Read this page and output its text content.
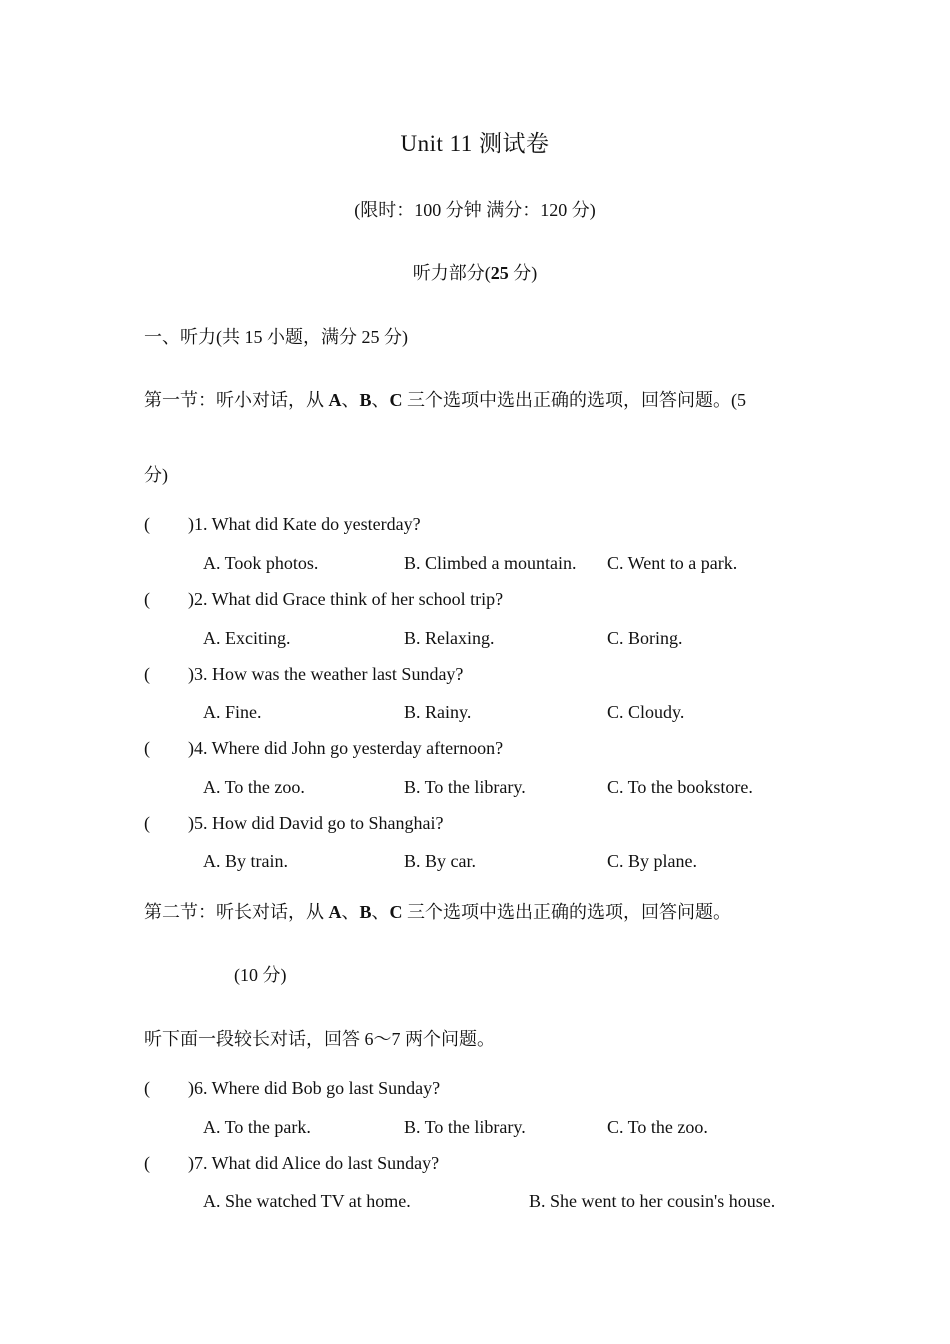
Unit 11 测试卷
(限时：100 分钟 满分：120 分)
听力部分(25 分)
一、听力(共 15 小题，满分 25 分)
第一节：听小对话，从 A、B、C 三个选项中选出正确的选项，回答问题。(5
分)
( )1. What did Kate do yesterday?
A. Took photos.	B. Climbed a mountain. C. Went to a park.
( )2. What did Grace think of her school trip?
A. Exciting.	B. Relaxing.	C. Boring.
( )3. How was the weather last Sunday?
A. Fine.	B. Rainy.	C. Cloudy.
( )4. Where did John go yesterday afternoon?
A. To the zoo.	B. To the library.	C. To the bookstore.
( )5. How did David go to Shanghai?
A. By train.	B. By car.	C. By plane.
第二节：听长对话，从 A、B、C 三个选项中选出正确的选项，回答问题。
(10 分)
听下面一段较长对话，回答 6～7 两个问题。
( )6. Where did Bob go last Sunday?
A. To the park.	B. To the library.	C. To the zoo.
( )7. What did Alice do last Sunday?
A. She watched TV at home.	B. She went to her cousin's house.
